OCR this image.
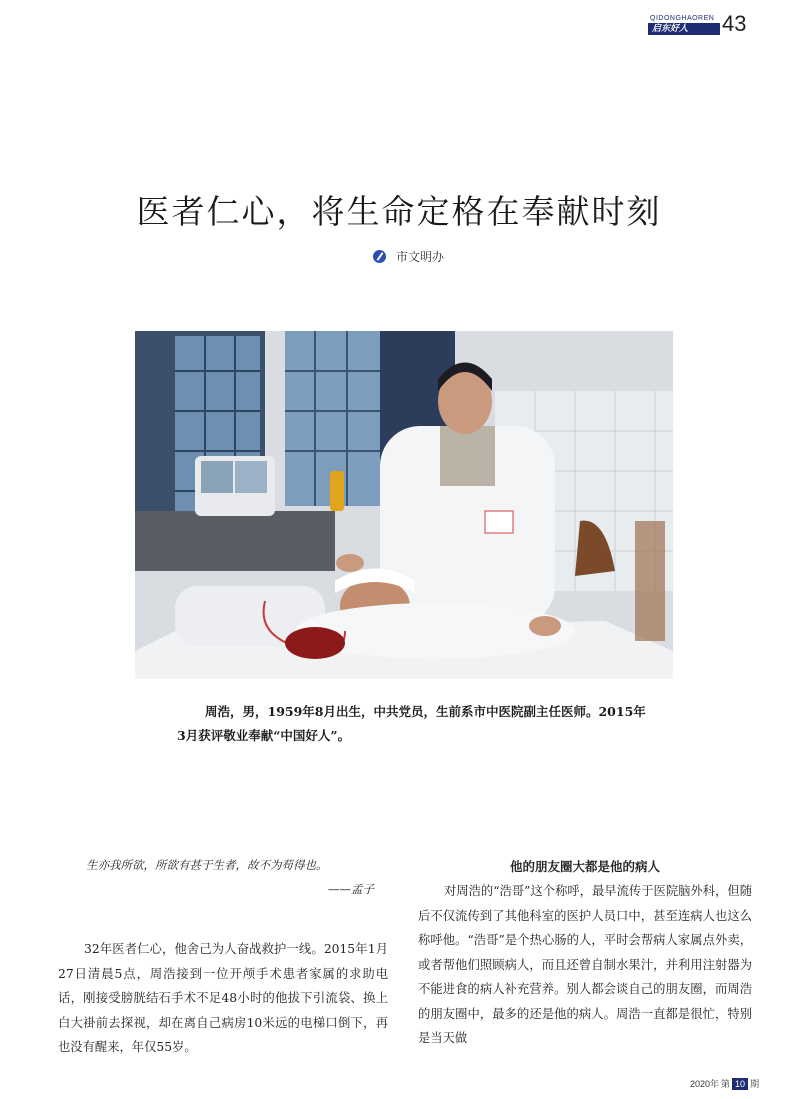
QIDONGHAOREN
启东好人	43
医者仁心，将生命定格在奉献时刻
市文明办
周浩，男，1959年8月出生，中共党员，生前系市中医院副主任医师。2015年3月获评敬业奉献“中国好人”。
生亦我所欲，所欲有甚于生者，故不为苟得也。
——孟子
32年医者仁心，他舍己为人奋战救护一线。2015年1月27日清晨5点，周浩接到一位开颅手术患者家属的求助电话，刚接受膀胱结石手术不足48小时的他拔下引流袋、换上白大褂前去探视，却在离自己病房10米远的电梯口倒下，再也没有醒来，年仅55岁。
他的朋友圈大都是他的病人
对周浩的“浩哥”这个称呼，最早流传于医院脑外科，但随后不仅流传到了其他科室的医护人员口中，甚至连病人也这么称呼他。“浩哥”是个热心肠的人，平时会帮病人家属点外卖，或者帮他们照顾病人，而且还曾自制水果汁，并利用注射器为不能进食的病人补充营养。别人都会谈自己的朋友圈，而周浩的朋友圈中，最多的还是他的病人。周浩一直都是很忙，特别是当天做
2020年 第 10 期
